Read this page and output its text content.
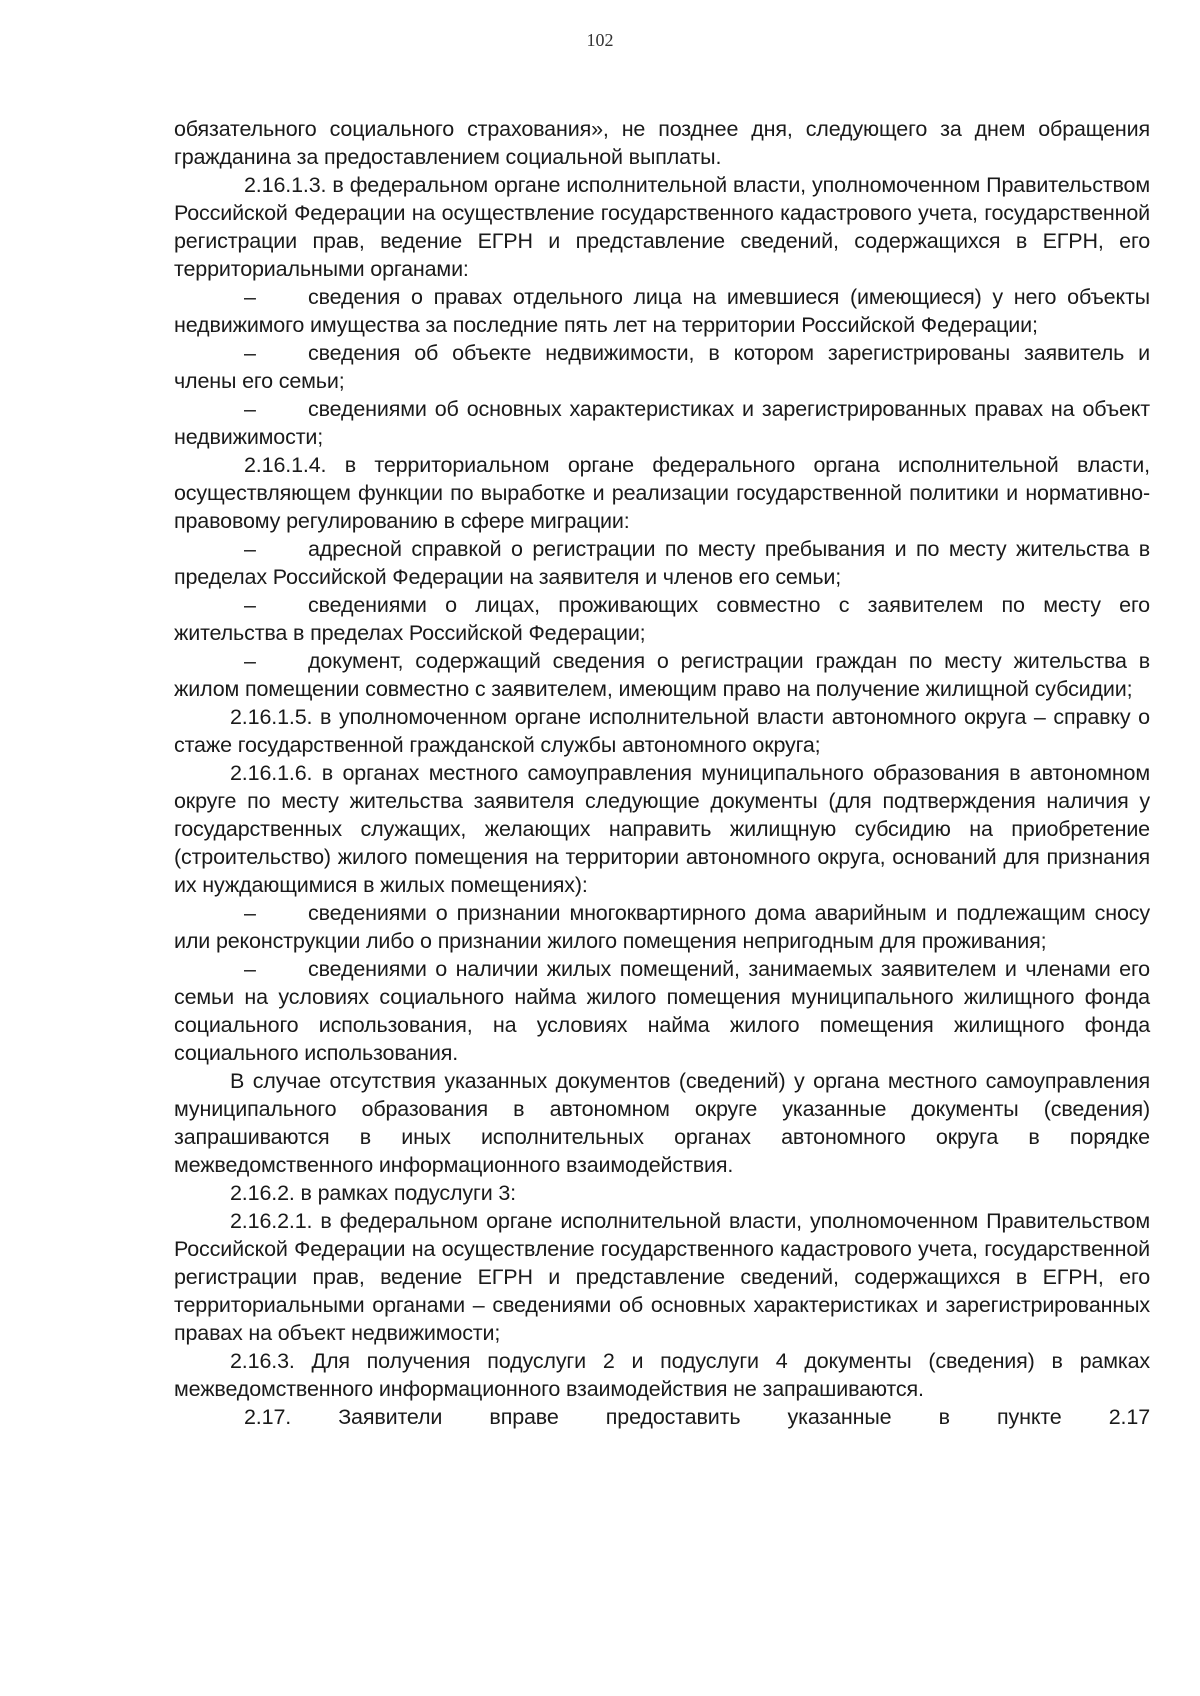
102

обязательного социального страхования», не позднее дня, следующего за днем обращения гражданина за предоставлением социальной выплаты.

2.16.1.3. в федеральном органе исполнительной власти, уполномоченном Правительством Российской Федерации на осуществление государственного кадастрового учета, государственной регистрации прав, ведение ЕГРН и представление сведений, содержащихся в ЕГРН, его территориальными органами:

– сведения о правах отдельного лица на имевшиеся (имеющиеся) у него объекты недвижимого имущества за последние пять лет на территории Российской Федерации;

– сведения об объекте недвижимости, в котором зарегистрированы заявитель и члены его семьи;

– сведениями об основных характеристиках и зарегистрированных правах на объект недвижимости;

2.16.1.4. в территориальном органе федерального органа исполнительной власти, осуществляющем функции по выработке и реализации государственной политики и нормативно-правовому регулированию в сфере миграции:

– адресной справкой о регистрации по месту пребывания и по месту жительства в пределах Российской Федерации на заявителя и членов его семьи;

– сведениями о лицах, проживающих совместно с заявителем по месту его жительства в пределах Российской Федерации;

– документ, содержащий сведения о регистрации граждан по месту жительства в жилом помещении совместно с заявителем, имеющим право на получение жилищной субсидии;

2.16.1.5. в уполномоченном органе исполнительной власти автономного округа – справку о стаже государственной гражданской службы автономного округа;

2.16.1.6. в органах местного самоуправления муниципального образования в автономном округе по месту жительства заявителя следующие документы (для подтверждения наличия у государственных служащих, желающих направить жилищную субсидию на приобретение (строительство) жилого помещения на территории автономного округа, оснований для признания их нуждающимися в жилых помещениях):

– сведениями о признании многоквартирного дома аварийным и подлежащим сносу или реконструкции либо о признании жилого помещения непригодным для проживания;

– сведениями о наличии жилых помещений, занимаемых заявителем и членами его семьи на условиях социального найма жилого помещения муниципального жилищного фонда социального использования, на условиях найма жилого помещения жилищного фонда социального использования.

В случае отсутствия указанных документов (сведений) у органа местного самоуправления муниципального образования в автономном округе указанные документы (сведения) запрашиваются в иных исполнительных органах автономного округа в порядке межведомственного информационного взаимодействия.

2.16.2. в рамках подуслуги 3:

2.16.2.1. в федеральном органе исполнительной власти, уполномоченном Правительством Российской Федерации на осуществление государственного кадастрового учета, государственной регистрации прав, ведение ЕГРН и представление сведений, содержащихся в ЕГРН, его территориальными органами – сведениями об основных характеристиках и зарегистрированных правах на объект недвижимости;

2.16.3. Для получения подуслуги 2 и подуслуги 4 документы (сведения) в рамках межведомственного информационного взаимодействия не запрашиваются.

2.17. Заявители вправе предоставить указанные в пункте 2.17
